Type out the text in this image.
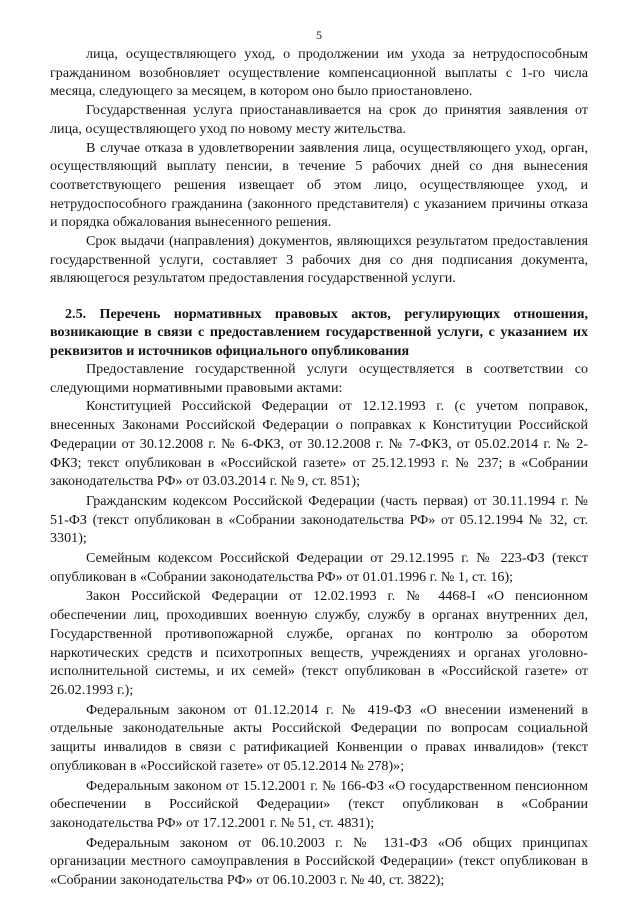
5

лица, осуществляющего уход, о продолжении им ухода за нетрудоспособным гражданином возобновляет осуществление компенсационной выплаты с 1-го числа месяца, следующего за месяцем, в котором оно было приостановлено.

Государственная услуга приостанавливается на срок до принятия заявления от лица, осуществляющего уход по новому месту жительства.

В случае отказа в удовлетворении заявления лица, осуществляющего уход, орган, осуществляющий выплату пенсии, в течение 5 рабочих дней со дня вынесения соответствующего решения извещает об этом лицо, осуществляющее уход, и нетрудоспособного гражданина (законного представителя) с указанием причины отказа и порядка обжалования вынесенного решения.

Срок выдачи (направления) документов, являющихся результатом предоставления государственной услуги, составляет 3 рабочих дня со дня подписания документа, являющегося результатом предоставления государственной услуги.

2.5. Перечень нормативных правовых актов, регулирующих отношения, возникающие в связи с предоставлением государственной услуги, с указанием их реквизитов и источников официального опубликования

Предоставление государственной услуги осуществляется в соответствии со следующими нормативными правовыми актами:

Конституцией Российской Федерации от 12.12.1993 г. (с учетом поправок, внесенных Законами Российской Федерации о поправках к Конституции Российской Федерации от 30.12.2008 г. № 6-ФКЗ, от 30.12.2008 г. № 7-ФКЗ, от 05.02.2014 г. № 2-ФКЗ; текст опубликован в «Российской газете» от 25.12.1993 г. № 237; в «Собрании законодательства РФ» от 03.03.2014 г. № 9, ст. 851);

Гражданским кодексом Российской Федерации (часть первая) от 30.11.1994 г. № 51-ФЗ (текст опубликован в «Собрании законодательства РФ» от 05.12.1994 № 32, ст. 3301);

Семейным кодексом Российской Федерации от 29.12.1995 г. № 223-ФЗ (текст опубликован в «Собрании законодательства РФ» от 01.01.1996 г. № 1, ст. 16);

Закон Российской Федерации от 12.02.1993 г. № 4468-I «О пенсионном обеспечении лиц, проходивших военную службу, службу в органах внутренних дел, Государственной противопожарной службе, органах по контролю за оборотом наркотических средств и психотропных веществ, учреждениях и органах уголовно-исполнительной системы, и их семей» (текст опубликован в «Российской газете» от 26.02.1993 г.);

Федеральным законом от 01.12.2014 г. № 419-ФЗ «О внесении изменений в отдельные законодательные акты Российской Федерации по вопросам социальной защиты инвалидов в связи с ратификацией Конвенции о правах инвалидов» (текст опубликован в «Российской газете» от 05.12.2014 № 278)»;

Федеральным законом от 15.12.2001 г. № 166-ФЗ «О государственном пенсионном обеспечении в Российской Федерации» (текст опубликован в «Собрании законодательства РФ» от 17.12.2001 г. № 51, ст. 4831);

Федеральным законом от 06.10.2003 г. № 131-ФЗ «Об общих принципах организации местного самоуправления в Российской Федерации» (текст опубликован в «Собрании законодательства РФ» от 06.10.2003 г. № 40, ст. 3822);
